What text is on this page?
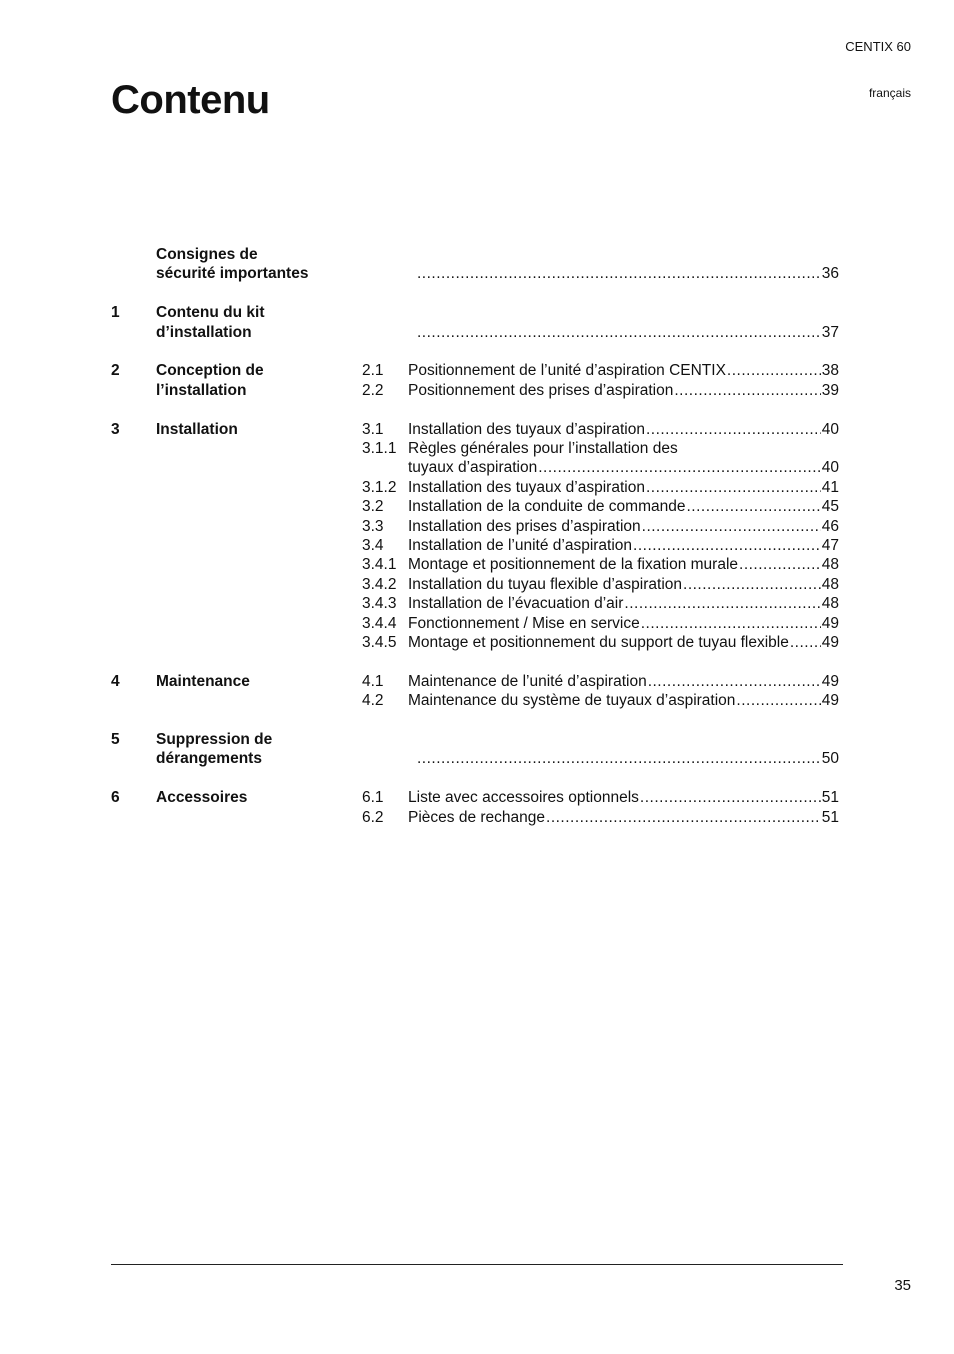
CENTIX 60
français
Contenu
Consignes de
sécurité importantes .....	36
1 Contenu du kit
d’installation .....	37
2 Conception de
l’installation
2.1 Positionnement de l’unité d’aspiration CENTIX .....	38
2.2 Positionnement des prises d’aspiration .....	39
3 Installation	3.1 Installation des tuyaux d’aspiration .....	40
3.1.1 Règles générales pour l’installation des
tuyaux d’aspiration .....	40
3.1.2 Installation des tuyaux d’aspiration .....	41
3.2 Installation de la conduite de commande .....	45
3.3 Installation des prises d’aspiration .....	46
3.4 Installation de l’unité d’aspiration .....	47
3.4.1 Montage et positionnement de la fixation murale .....	48
3.4.2 Installation du tuyau flexible d’aspiration .....	48
3.4.3 Installation de l’évacuation d’air .....	48
3.4.4 Fonctionnement / Mise en service .....	49
3.4.5 Montage et positionnement du support de tuyau flexible ..... 49
4 Maintenance	4.1 Maintenance de l’unité d’aspiration .....	49
4.2 Maintenance du système de tuyaux d’aspiration .....	49
5 Suppression de
dérangements .....	50
6 Accessoires	6.1 Liste avec accessoires optionnels .....	51
6.2 Pièces de rechange .....	51
35
